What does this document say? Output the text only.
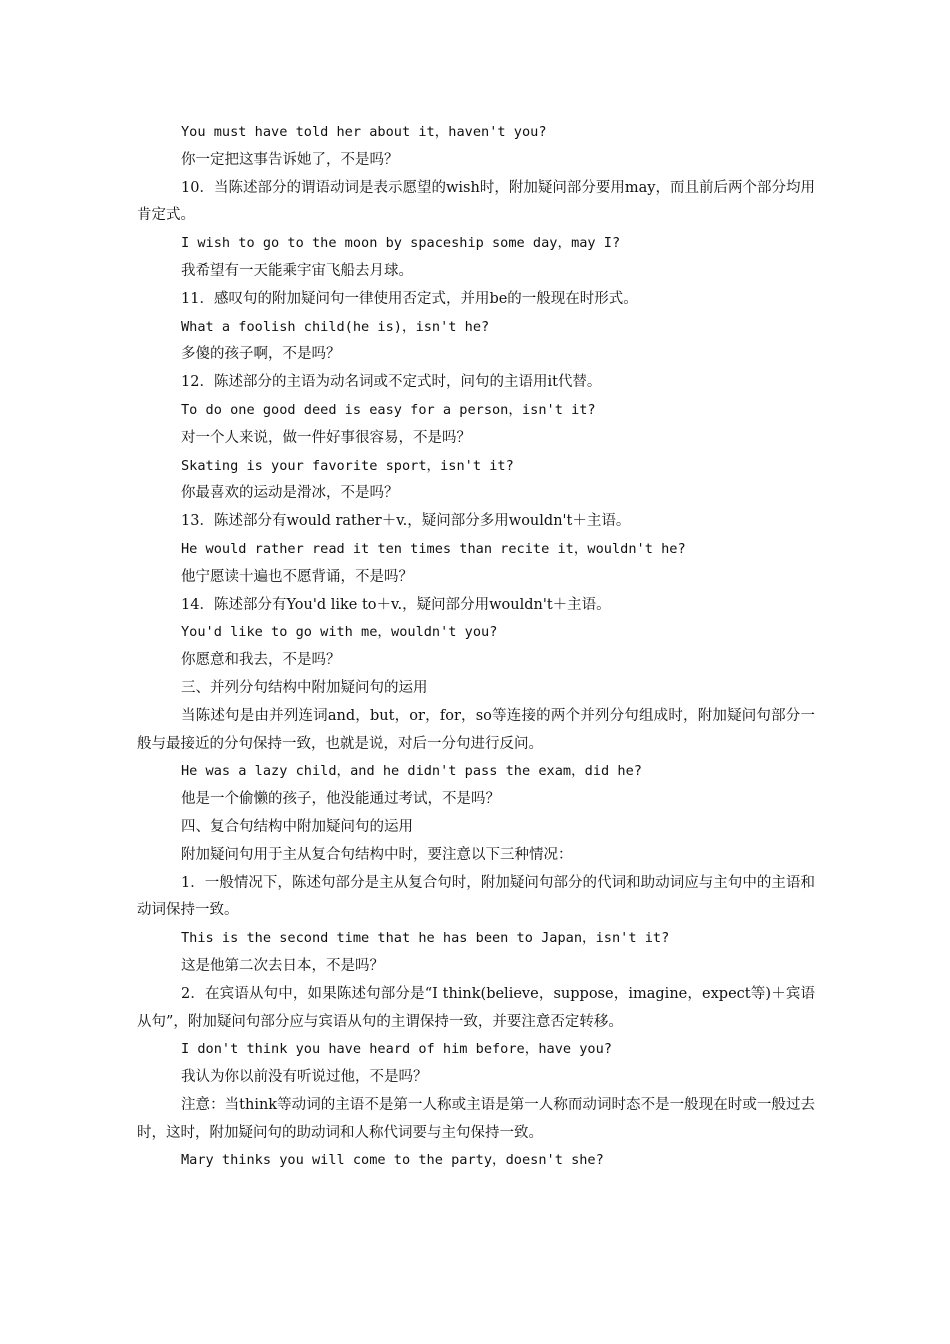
You must have told her about it，haven't you?

你一定把这事告诉她了，不是吗？

10．当陈述部分的谓语动词是表示愿望的wish时，附加疑问部分要用may，而且前后两个部分均用肯定式。

I wish to go to the moon by spaceship some day，may I?

我希望有一天能乘宇宙飞船去月球。

11．感叹句的附加疑问句一律使用否定式，并用be的一般现在时形式。

What a foolish child(he is)，isn't he?

多傻的孩子啊，不是吗？

12．陈述部分的主语为动名词或不定式时，问句的主语用it代替。

To do one good deed is easy for a person，isn't it?

对一个人来说，做一件好事很容易，不是吗？

Skating is your favorite sport，isn't it?

你最喜欢的运动是滑冰，不是吗？

13．陈述部分有would rather＋v.，疑问部分多用wouldn't＋主语。

He would rather read it ten times than recite it，wouldn't he?

他宁愿读十遍也不愿背诵，不是吗？

14．陈述部分有You'd like to＋v.，疑问部分用wouldn't＋主语。

You'd like to go with me，wouldn't you?

你愿意和我去，不是吗？

三、并列分句结构中附加疑问句的运用

当陈述句是由并列连词and，but，or，for，so等连接的两个并列分句组成时，附加疑问句部分一般与最接近的分句保持一致，也就是说，对后一分句进行反问。

He was a lazy child，and he didn't pass the exam，did he?

他是一个偷懒的孩子，他没能通过考试，不是吗？

四、复合句结构中附加疑问句的运用

附加疑问句用于主从复合句结构中时，要注意以下三种情况：

1．一般情况下，陈述句部分是主从复合句时，附加疑问句部分的代词和助动词应与主句中的主语和动词保持一致。

This is the second time that he has been to Japan，isn't it?

这是他第二次去日本，不是吗？

2．在宾语从句中，如果陈述句部分是“I think(believe，suppose，imagine，expect等)＋宾语从句”，附加疑问句部分应与宾语从句的主谓保持一致，并要注意否定转移。

I don't think you have heard of him before，have you?

我认为你以前没有听说过他，不是吗？

注意：当think等动词的主语不是第一人称或主语是第一人称而动词时态不是一般现在时或一般过去时，这时，附加疑问句的助动词和人称代词要与主句保持一致。

Mary thinks you will come to the party，doesn't she?
